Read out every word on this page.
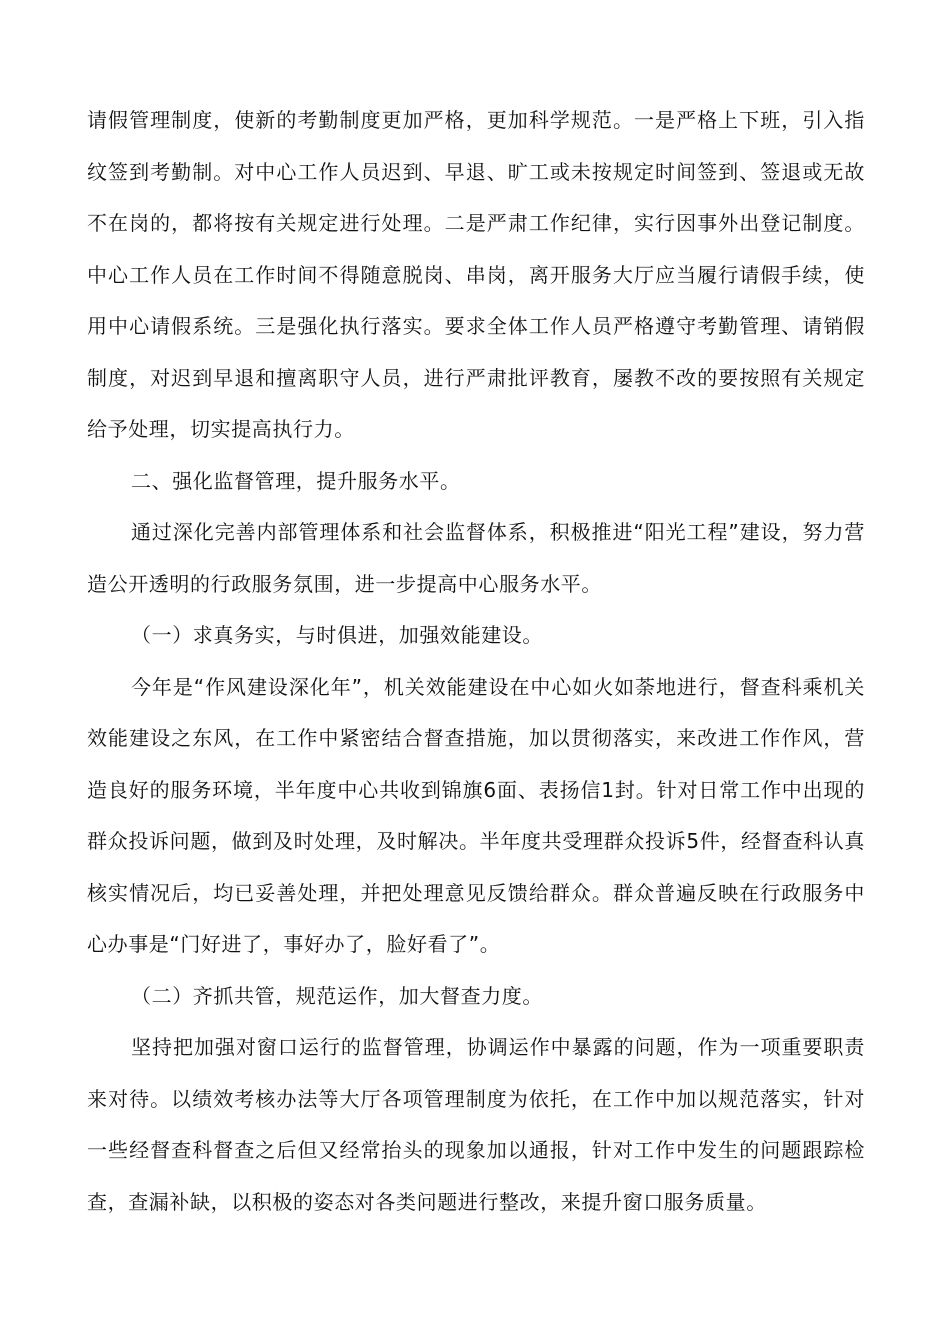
请假管理制度，使新的考勤制度更加严格，更加科学规范。一是严格上下班，引入指纹签到考勤制。对中心工作人员迟到、早退、旷工或未按规定时间签到、签退或无故不在岗的，都将按有关规定进行处理。二是严肃工作纪律，实行因事外出登记制度。中心工作人员在工作时间不得随意脱岗、串岗，离开服务大厅应当履行请假手续，使用中心请假系统。三是强化执行落实。要求全体工作人员严格遵守考勤管理、请销假制度，对迟到早退和擅离职守人员，进行严肃批评教育，屡教不改的要按照有关规定给予处理，切实提高执行力。

二、强化监督管理，提升服务水平。

通过深化完善内部管理体系和社会监督体系，积极推进“阳光工程”建设，努力营造公开透明的行政服务氛围，进一步提高中心服务水平。

（一）求真务实，与时俱进，加强效能建设。

今年是“作风建设深化年”，机关效能建设在中心如火如荼地进行，督查科乘机关效能建设之东风，在工作中紧密结合督查措施，加以贯彻落实，来改进工作作风，营造良好的服务环境，半年度中心共收到锦旗6面、表扬信1封。针对日常工作中出现的群众投诉问题，做到及时处理，及时解决。半年度共受理群众投诉5件，经督查科认真核实情况后，均已妥善处理，并把处理意见反馈给群众。群众普遍反映在行政服务中心办事是“门好进了，事好办了，脸好看了”。

（二）齐抓共管，规范运作，加大督查力度。

坚持把加强对窗口运行的监督管理，协调运作中暴露的问题，作为一项重要职责来对待。以绩效考核办法等大厅各项管理制度为依托，在工作中加以规范落实，针对一些经督查科督查之后但又经常抬头的现象加以通报，针对工作中发生的问题跟踪检查，查漏补缺，以积极的姿态对各类问题进行整改，来提升窗口服务质量。
